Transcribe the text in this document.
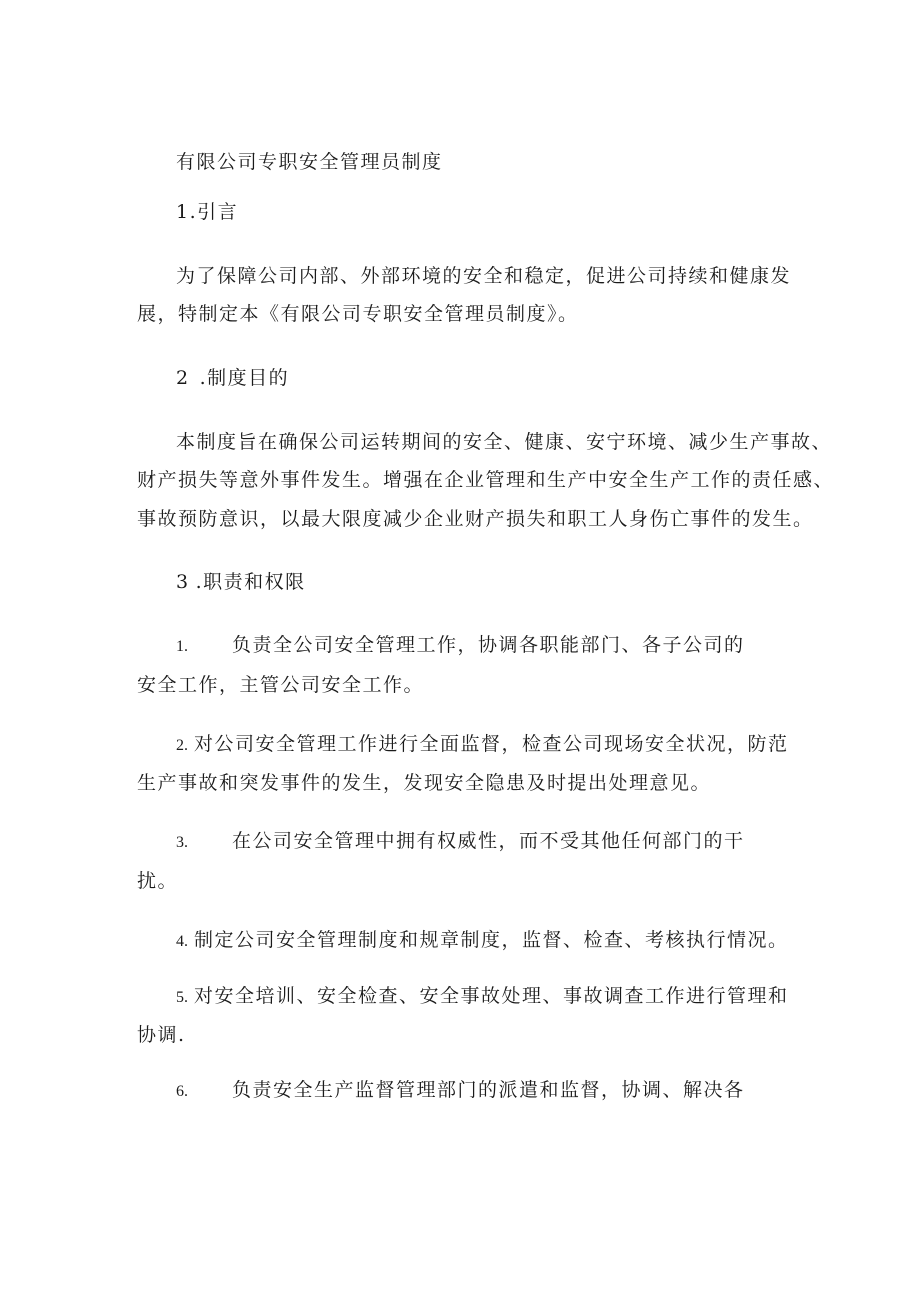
有限公司专职安全管理员制度
1.引言
为了保障公司内部、外部环境的安全和稳定，促进公司持续和健康发
展，特制定本《有限公司专职安全管理员制度》。
2 .制度目的
本制度旨在确保公司运转期间的安全、健康、安宁环境、减少生产事故、
财产损失等意外事件发生。增强在企业管理和生产中安全生产工作的责任感、
事故预防意识，以最大限度减少企业财产损失和职工人身伤亡事件的发生。
3 .职责和权限
1. 负责全公司安全管理工作，协调各职能部门、各子公司的
安全工作，主管公司安全工作。
2. 对公司安全管理工作进行全面监督，检查公司现场安全状况，防范
生产事故和突发事件的发生，发现安全隐患及时提出处理意见。
3. 在公司安全管理中拥有权威性，而不受其他任何部门的干
扰。
4. 制定公司安全管理制度和规章制度，监督、检查、考核执行情况。
5. 对安全培训、安全检查、安全事故处理、事故调查工作进行管理和
协调.
6. 负责安全生产监督管理部门的派遣和监督，协调、解决各
